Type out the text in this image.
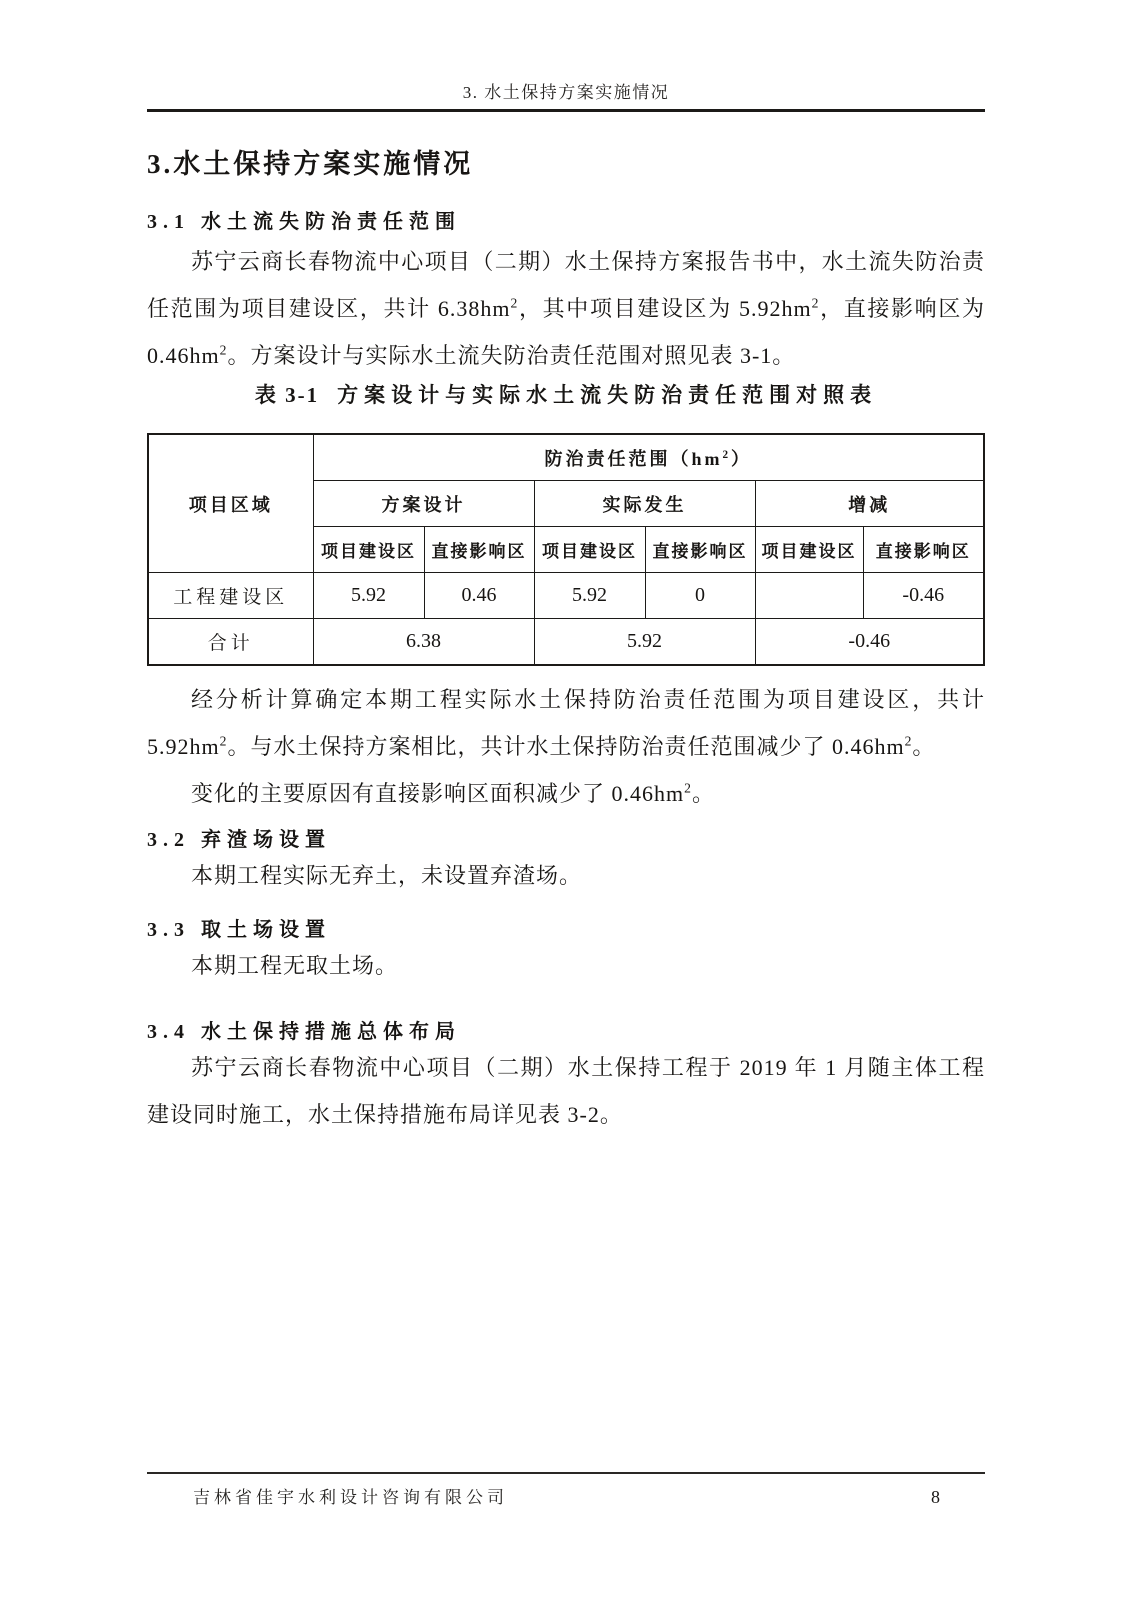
3. 水土保持方案实施情况
3.水土保持方案实施情况
3.1 水土流失防治责任范围

苏宁云商长春物流中心项目（二期）水土保持方案报告书中，水土流失防治责任范围为项目建设区，共计 $6.38hm^2$，其中项目建设区为 $5.92hm^2$，直接影响区为 $0.46hm^2$。方案设计与实际水土流失防治责任范围对照见表 3-1。

表 3-1 方案设计与实际水土流失防治责任范围对照表
项目区域	防治责任范围$(hm^2)$					
	方案设计		实际发生		增减	
	项目建设区	直接影响区	项目建设区	直接影响区	项目建设区	直接影响区
工程建设区	5.92	0.46	5.92	0		-0.46
合计	6.38		5.92		-0.46	

经分析计算确定本期工程实际水土保持防治责任范围为项目建设区，共计 $5.92hm^2$。与水土保持方案相比，共计水土保持防治责任范围减少了 $0.46hm^2$。

变化的主要原因有直接影响区面积减少了 $0.46hm^2$。

3.2 弃渣场设置

本期工程实际无弃土，未设置弃渣场。

3.3 取土场设置

本期工程无取土场。

3.4 水土保持措施总体布局

苏宁云商长春物流中心项目（二期）水土保持工程于 2019 年 1 月随主体工程建设同时施工，水土保持措施布局详见表 3-2。

吉林省佳宇水利设计咨询有限公司	8
